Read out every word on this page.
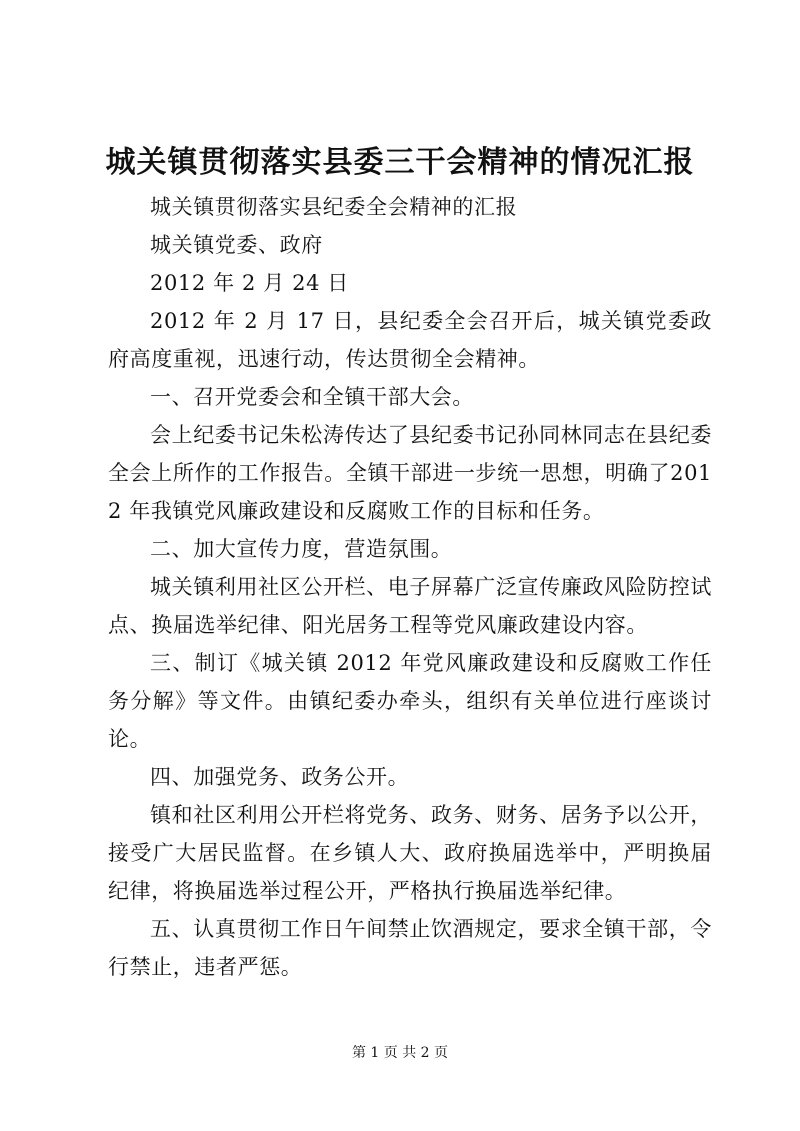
城关镇贯彻落实县委三干会精神的情况汇报

城关镇贯彻落实县纪委全会精神的汇报

城关镇党委、政府

2012 年 2 月 24 日

2012 年 2 月 17 日，县纪委全会召开后，城关镇党委政府高度重视，迅速行动，传达贯彻全会精神。

一、召开党委会和全镇干部大会。

会上纪委书记朱松涛传达了县纪委书记孙同林同志在县纪委全会上所作的工作报告。全镇干部进一步统一思想，明确了2012 年我镇党风廉政建设和反腐败工作的目标和任务。

二、加大宣传力度，营造氛围。

城关镇利用社区公开栏、电子屏幕广泛宣传廉政风险防控试点、换届选举纪律、阳光居务工程等党风廉政建设内容。

三、制订《城关镇 2012 年党风廉政建设和反腐败工作任务分解》等文件。由镇纪委办牵头，组织有关单位进行座谈讨论。

四、加强党务、政务公开。

镇和社区利用公开栏将党务、政务、财务、居务予以公开，接受广大居民监督。在乡镇人大、政府换届选举中，严明换届纪律，将换届选举过程公开，严格执行换届选举纪律。

五、认真贯彻工作日午间禁止饮酒规定，要求全镇干部，令行禁止，违者严惩。

第 1 页 共 2 页
